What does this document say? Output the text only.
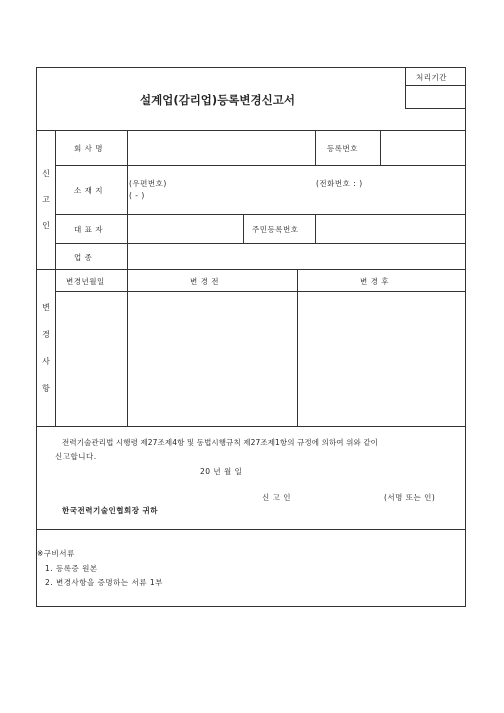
설계업(감리업)등록변경신고서
처리기간
신
고
인
회 사 명	등록번호
소 재 지
(우편번호)
( - )
(전화번호 : )
대 표 자	주민등록번호
업 종
변
경
사
항
변경년월일	변 경 전	변 경 후
전력기술관리법 시행령 제27조제4항 및 동법시행규칙 제27조제1항의 규정에 의하여 위와 같이
신고합니다.
20 년 월 일
신 고 인	(서명 또는 인)
한국전력기술인협회장 귀하
※구비서류
1. 등록증 원본
2. 변경사항을 증명하는 서류 1부
